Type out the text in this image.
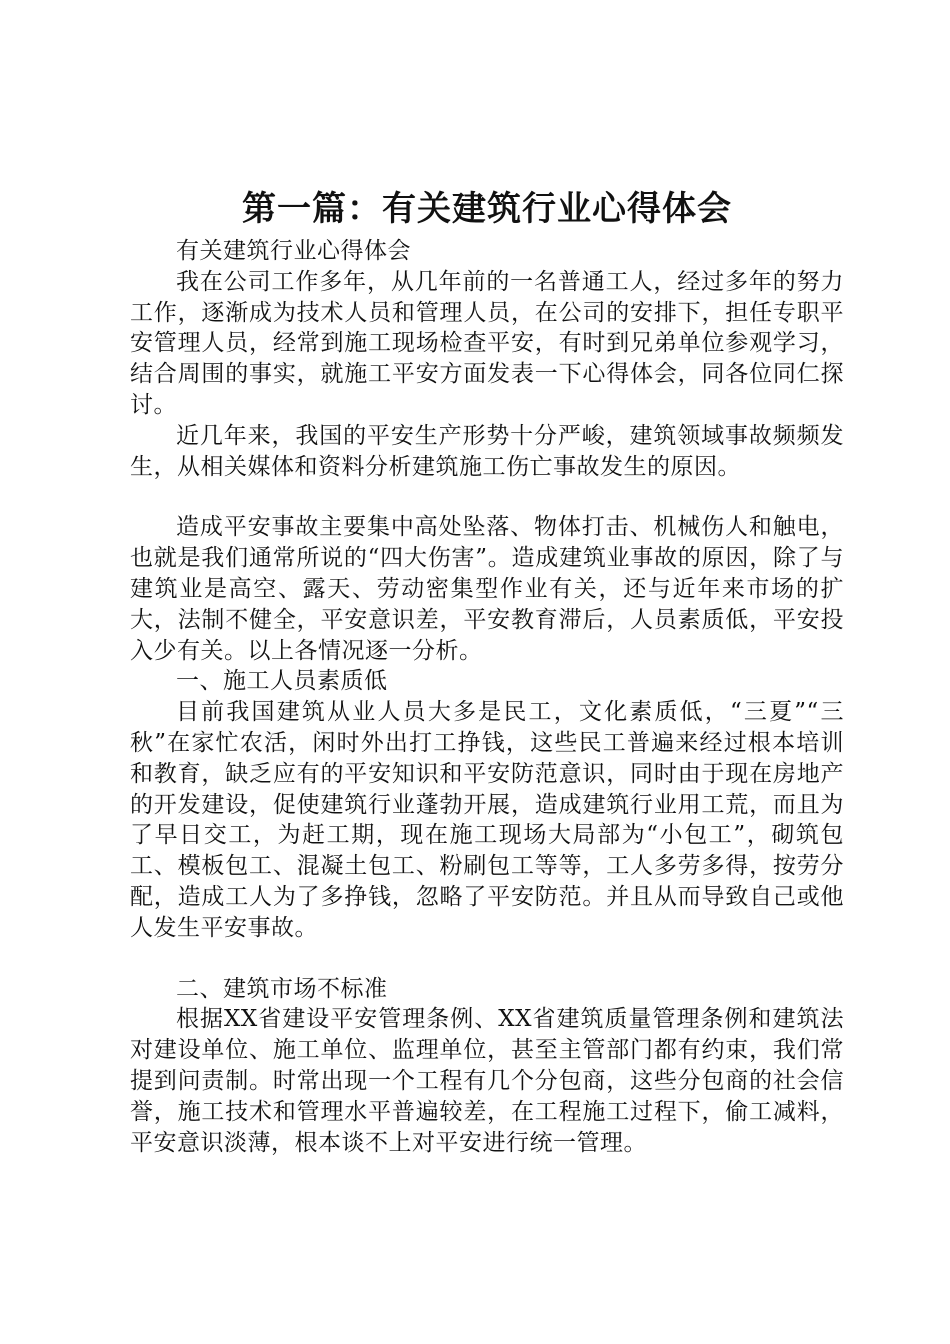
第一篇：有关建筑行业心得体会

有关建筑行业心得体会

我在公司工作多年，从几年前的一名普通工人，经过多年的努力工作，逐渐成为技术人员和管理人员，在公司的安排下，担任专职平安管理人员，经常到施工现场检查平安，有时到兄弟单位参观学习，结合周围的事实，就施工平安方面发表一下心得体会，同各位同仁探讨。

近几年来，我国的平安生产形势十分严峻，建筑领域事故频频发生，从相关媒体和资料分析建筑施工伤亡事故发生的原因。

造成平安事故主要集中高处坠落、物体打击、机械伤人和触电，也就是我们通常所说的“四大伤害”。造成建筑业事故的原因，除了与建筑业是高空、露天、劳动密集型作业有关，还与近年来市场的扩大，法制不健全，平安意识差，平安教育滞后，人员素质低，平安投入少有关。以上各情况逐一分析。

一、施工人员素质低

目前我国建筑从业人员大多是民工，文化素质低，“三夏”“三秋”在家忙农活，闲时外出打工挣钱，这些民工普遍来经过根本培训和教育，缺乏应有的平安知识和平安防范意识，同时由于现在房地产的开发建设，促使建筑行业蓬勃开展，造成建筑行业用工荒，而且为了早日交工，为赶工期，现在施工现场大局部为“小包工”，砌筑包工、模板包工、混凝土包工、粉刷包工等等，工人多劳多得，按劳分配，造成工人为了多挣钱，忽略了平安防范。并且从而导致自己或他人发生平安事故。

二、建筑市场不标准

根据XX省建设平安管理条例、XX省建筑质量管理条例和建筑法对建设单位、施工单位、监理单位，甚至主管部门都有约束，我们常提到问责制。时常出现一个工程有几个分包商，这些分包商的社会信誉，施工技术和管理水平普遍较差，在工程施工过程下，偷工减料，平安意识淡薄，根本谈不上对平安进行统一管理。
